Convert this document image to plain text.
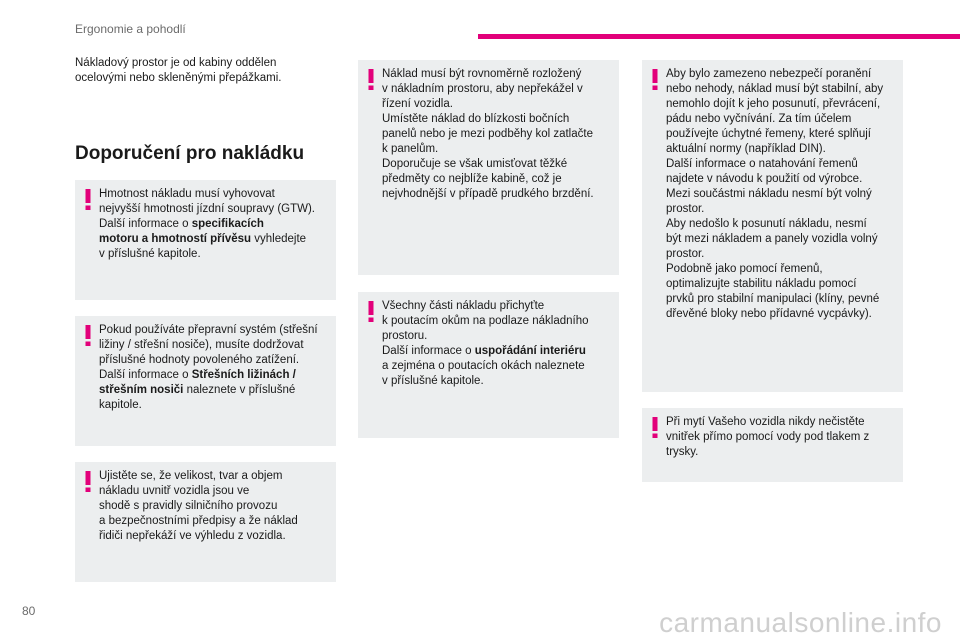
Ergonomie a pohodlí

Nákladový prostor je od kabiny oddělen
ocelovými nebo skleněnými přepážkami.

Doporučení pro nakládku

Hmotnost nákladu musí vyhovovat
nejvyšší hmotnosti jízdní soupravy (GTW).
Další informace o specifikacích
motoru a hmotností přívěsu vyhledejte
v příslušné kapitole.

Pokud používáte přepravní systém (střešní
ližiny / střešní nosiče), musíte dodržovat
příslušné hodnoty povoleného zatížení.
Další informace o Střešních ližinách /
střešním nosiči naleznete v příslušné
kapitole.

Ujistěte se, že velikost, tvar a objem
nákladu uvnitř vozidla jsou ve
shodě s pravidly silničního provozu
a bezpečnostními předpisy a že náklad
řidiči nepřekáží ve výhledu z vozidla.

Náklad musí být rovnoměrně rozložený
v nákladním prostoru, aby nepřekážel v
řízení vozidla.
Umístěte náklad do blízkosti bočních
panelů nebo je mezi podběhy kol zatlačte
k panelům.
Doporučuje se však umisťovat těžké
předměty co nejblíže kabině, což je
nejvhodnější v případě prudkého brzdění.

Všechny části nákladu přichyťte
k poutacím okům na podlaze nákladního
prostoru.
Další informace o uspořádání interiéru
a zejména o poutacích okách naleznete
v příslušné kapitole.

Aby bylo zamezeno nebezpečí poranění
nebo nehody, náklad musí být stabilní, aby
nemohlo dojít k jeho posunutí, převrácení,
pádu nebo vyčnívání. Za tím účelem
používejte úchytné řemeny, které splňují
aktuální normy (například DIN).
Další informace o natahování řemenů
najdete v návodu k použití od výrobce.
Mezi součástmi nákladu nesmí být volný
prostor.
Aby nedošlo k posunutí nákladu, nesmí
být mezi nákladem a panely vozidla volný
prostor.
Podobně jako pomocí řemenů,
optimalizujte stabilitu nákladu pomocí
prvků pro stabilní manipulaci (klíny, pevné
dřevěné bloky nebo přídavné vycpávky).

Při mytí Vašeho vozidla nikdy nečistěte
vnitřek přímo pomocí vody pod tlakem z
trysky.

80	carmanualsonline.info
